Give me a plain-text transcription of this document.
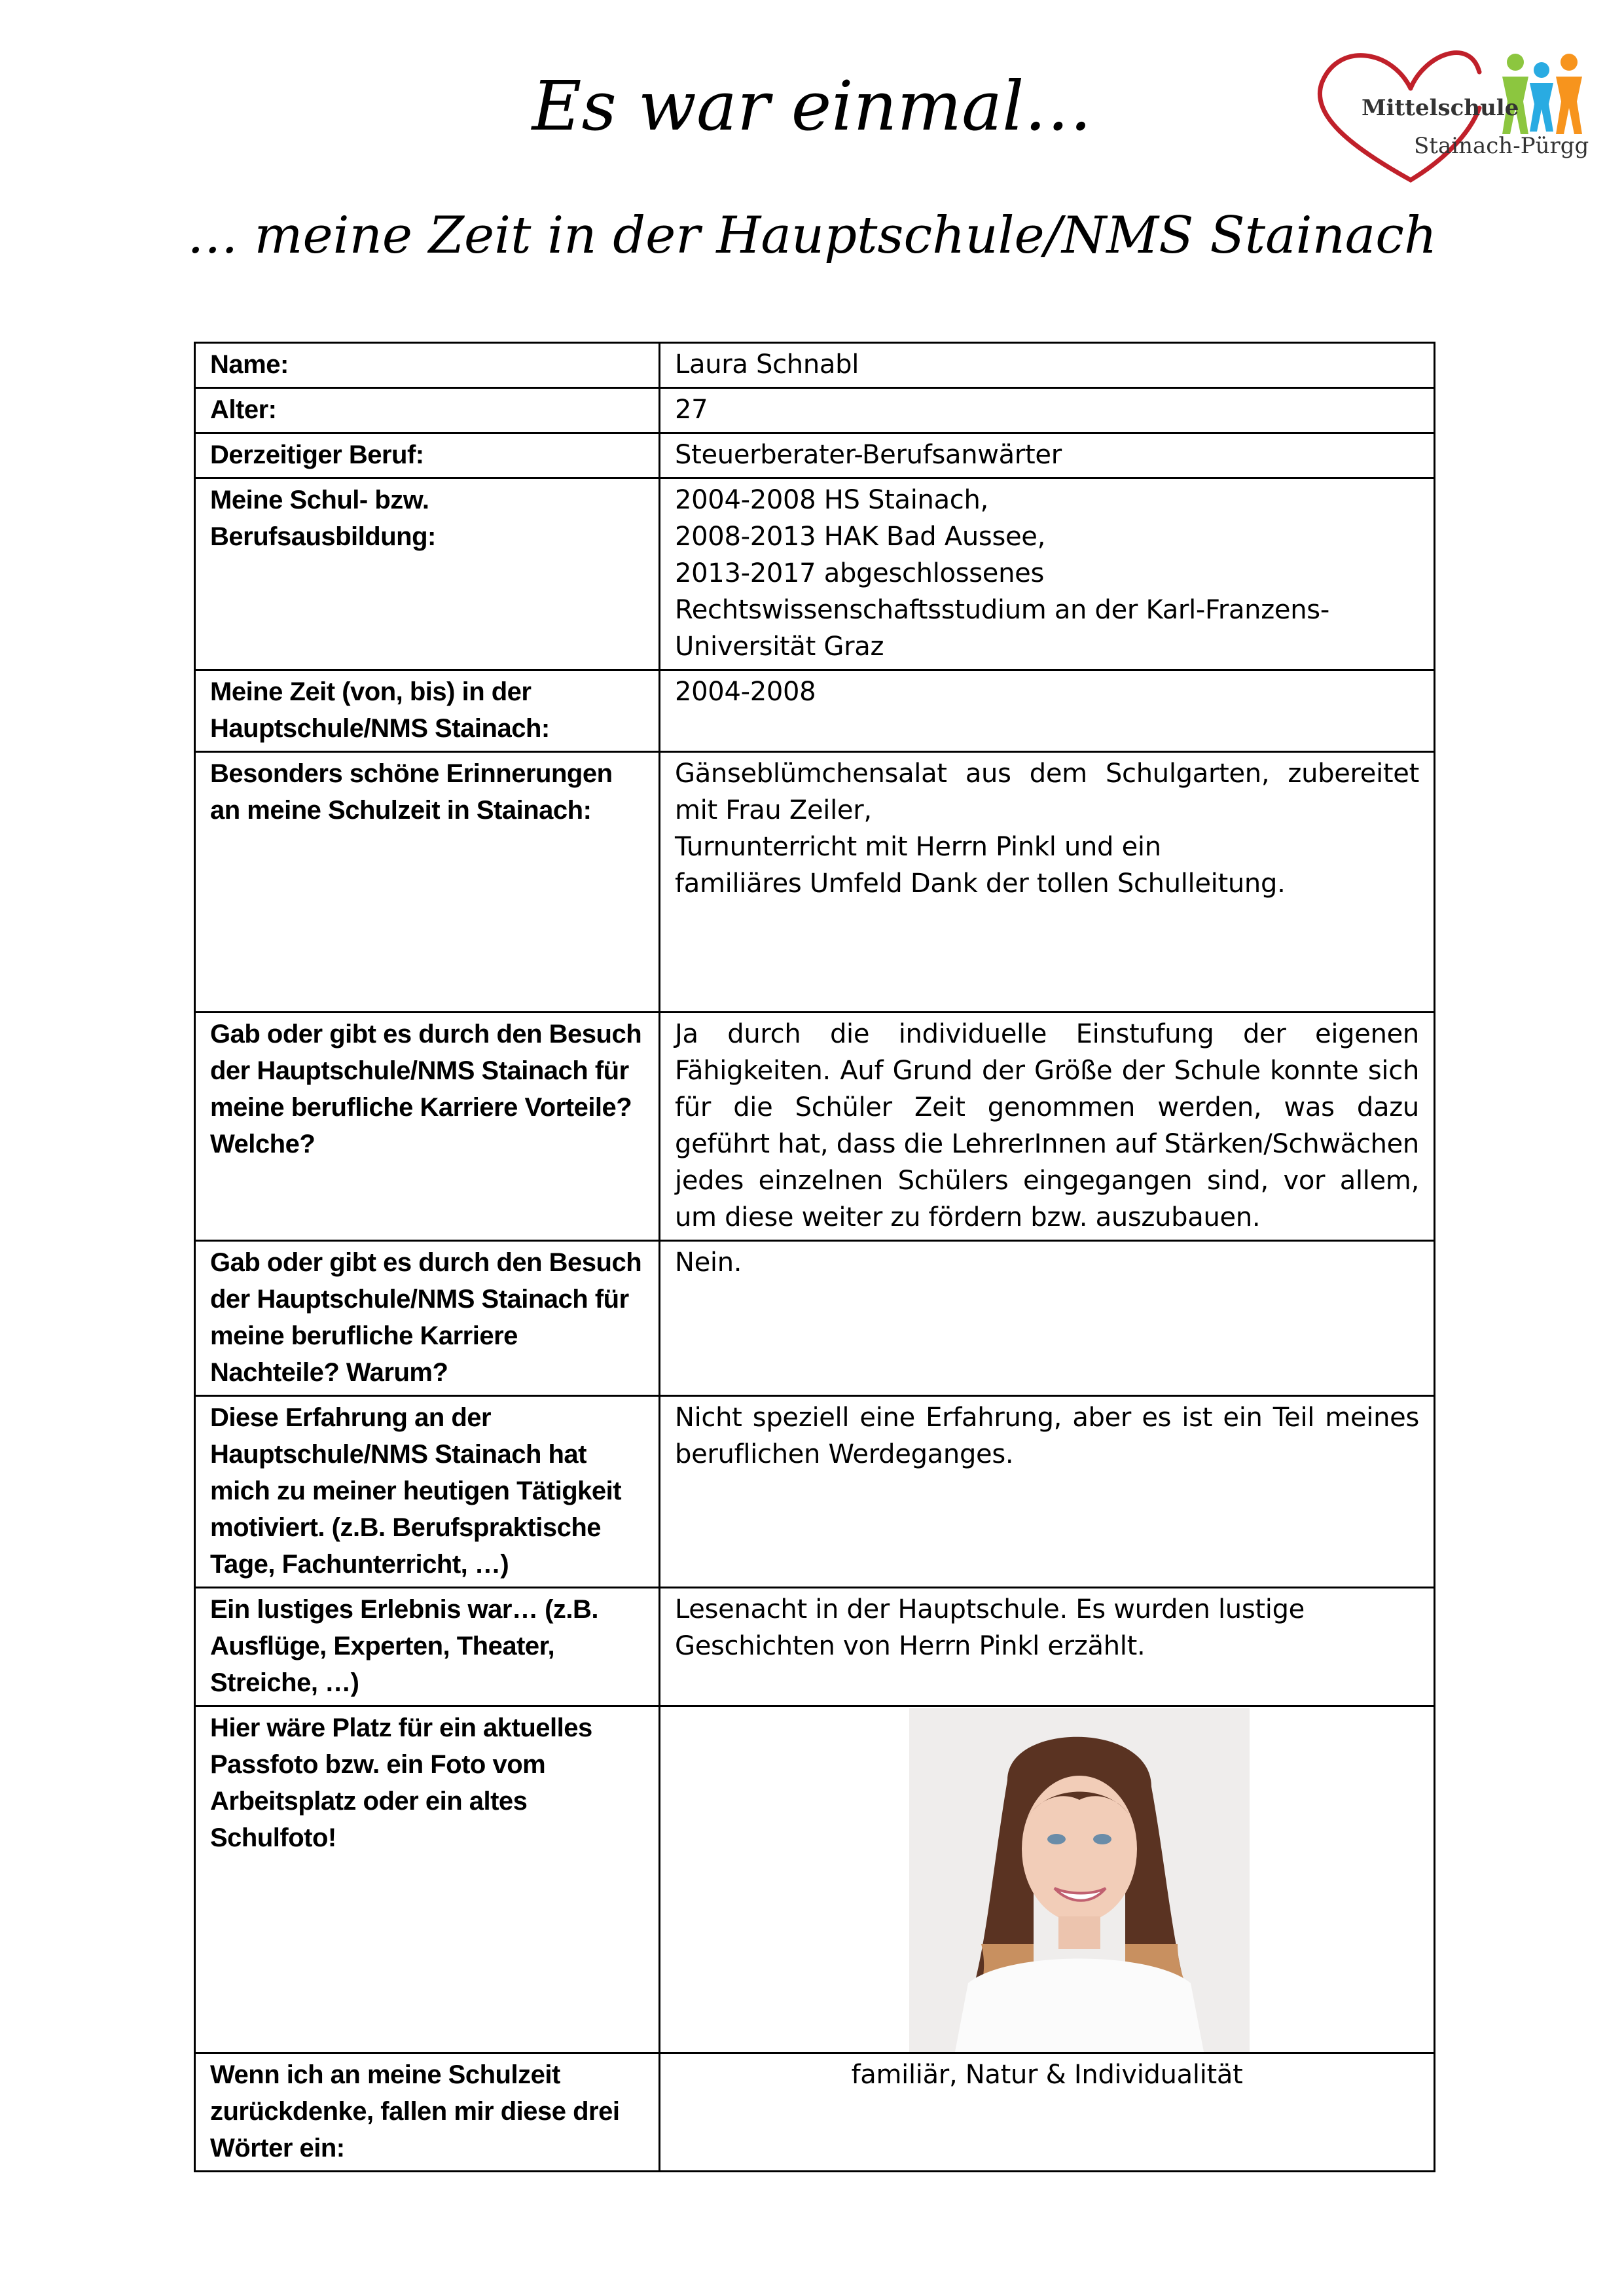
Es war einmal…
… meine Zeit in der Hauptschule/NMS Stainach
Mittelschule
Stainach-Pürgg
Name:	Laura Schnabl
Alter:	27
Derzeitiger Beruf:	Steuerberater-Berufsanwärter
Meine Schul- bzw. Berufsausbildung:	2004-2008 HS Stainach,
2008-2013 HAK Bad Aussee,
2013-2017 abgeschlossenes Rechtswissenschaftsstudium an der Karl-Franzens-Universität Graz

Meine Zeit (von, bis) in der Hauptschule/NMS Stainach:	2004-2008
Besonders schöne Erinnerungen an meine Schulzeit in Stainach:	Gänseblümchensalat aus dem Schulgarten, zubereitet mit Frau Zeiler,
Turnunterricht mit Herrn Pinkl und ein
familiäres Umfeld Dank der tollen Schulleitung.

Gab oder gibt es durch den Besuch der Hauptschule/NMS Stainach für meine berufliche Karriere Vorteile? Welche?	Ja durch die individuelle Einstufung der eigenen Fähigkeiten. Auf Grund der Größe der Schule konnte sich für die Schüler Zeit genommen werden, was dazu geführt hat, dass die LehrerInnen auf Stärken/Schwächen jedes einzelnen Schülers eingegangen sind, vor allem, um diese weiter zu fördern bzw. auszubauen.
Gab oder gibt es durch den Besuch der Hauptschule/NMS Stainach für meine berufliche Karriere Nachteile? Warum?	Nein.
Diese Erfahrung an der Hauptschule/NMS Stainach hat mich zu meiner heutigen Tätigkeit motiviert. (z.B. Berufspraktische Tage, Fachunterricht, …)	Nicht speziell eine Erfahrung, aber es ist ein Teil meines beruflichen Werdeganges.
Ein lustiges Erlebnis war… (z.B. Ausflüge, Experten, Theater, Streiche, …)	Lesenacht in der Hauptschule. Es wurden lustige Geschichten von Herrn Pinkl erzählt.
Hier wäre Platz für ein aktuelles Passfoto bzw. ein Foto vom Arbeitsplatz oder ein altes Schulfoto!	

Wenn ich an meine Schulzeit zurückdenke, fallen mir diese drei Wörter ein:	familiär, Natur & Individualität
